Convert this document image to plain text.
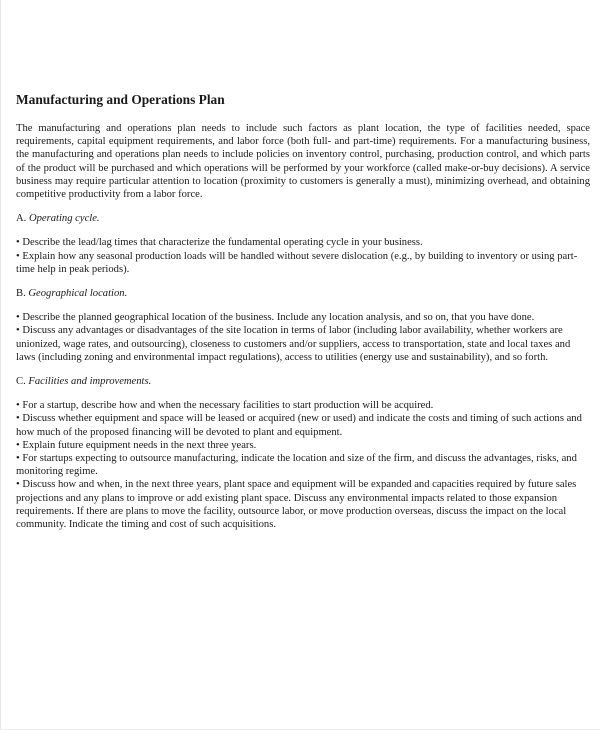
Manufacturing and Operations Plan

The manufacturing and operations plan needs to include such factors as plant location, the type of facilities needed, space requirements, capital equipment requirements, and labor force (both full- and part-time) requirements. For a manufacturing business, the manufacturing and operations plan needs to include policies on inventory control, purchasing, production control, and which parts of the product will be purchased and which operations will be performed by your workforce (called make-or-buy decisions). A service business may require particular attention to location (proximity to customers is generally a must), minimizing overhead, and obtaining competitive productivity from a labor force.

A. Operating cycle.

• Describe the lead/lag times that characterize the fundamental operating cycle in your business.
• Explain how any seasonal production loads will be handled without severe dislocation (e.g., by building to inventory or using part-time help in peak periods).

B. Geographical location.

• Describe the planned geographical location of the business. Include any location analysis, and so on, that you have done.
• Discuss any advantages or disadvantages of the site location in terms of labor (including labor availability, whether workers are unionized, wage rates, and outsourcing), closeness to customers and/or suppliers, access to transportation, state and local taxes and laws (including zoning and environmental impact regulations), access to utilities (energy use and sustainability), and so forth.

C. Facilities and improvements.

• For a startup, describe how and when the necessary facilities to start production will be acquired.
• Discuss whether equipment and space will be leased or acquired (new or used) and indicate the costs and timing of such actions and how much of the proposed financing will be devoted to plant and equipment.
• Explain future equipment needs in the next three years.
• For startups expecting to outsource manufacturing, indicate the location and size of the firm, and discuss the advantages, risks, and monitoring regime.
• Discuss how and when, in the next three years, plant space and equipment will be expanded and capacities required by future sales projections and any plans to improve or add existing plant space. Discuss any environmental impacts related to those expansion requirements. If there are plans to move the facility, outsource labor, or move production overseas, discuss the impact on the local community. Indicate the timing and cost of such acquisitions.
